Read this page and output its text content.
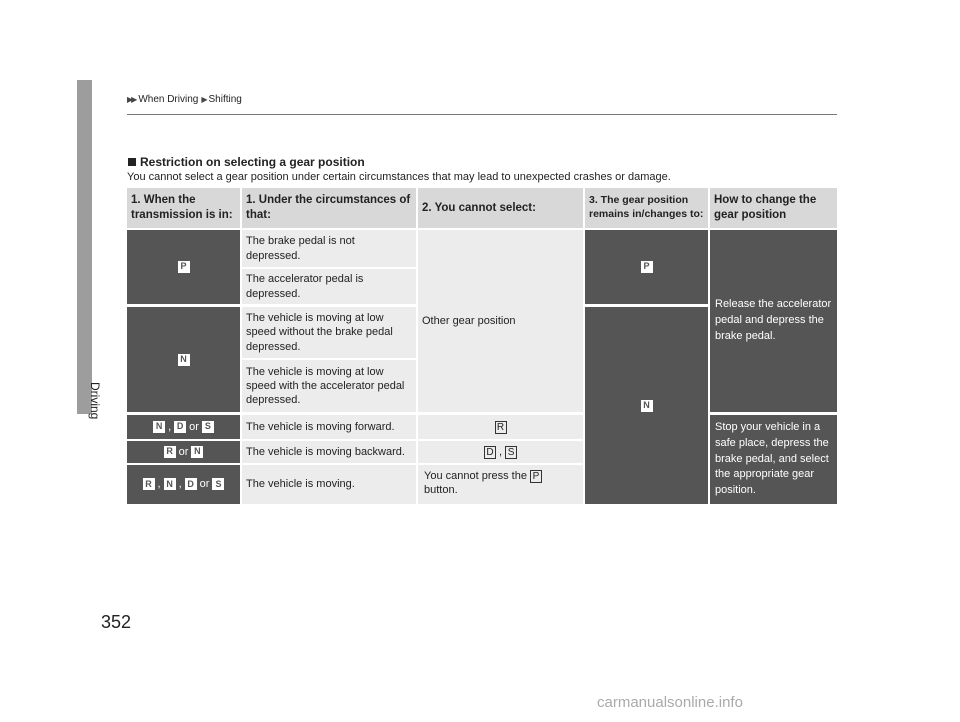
▶▶ When Driving ▶ Shifting
Driving
352
Restriction on selecting a gear position
You cannot select a gear position under certain circumstances that may lead to unexpected crashes or damage.
1. When the transmission is in:
1. Under the circumstances of that:
2. You cannot select:
3. The gear position remains in/changes to:
How to change the gear position
P
N
N , D or S
R or N
R , N , D or S
The brake pedal is not depressed.
The accelerator pedal is depressed.
The vehicle is moving at low speed without the brake pedal depressed.
The vehicle is moving at low speed with the accelerator pedal depressed.
The vehicle is moving forward.
The vehicle is moving backward.
The vehicle is moving.
Other gear position
R
D , S
You cannot press the P
button.
P
N
Release the accelerator pedal and depress the brake pedal.
Stop your vehicle in a safe place, depress the brake pedal, and select the appropriate gear position.
carmanualsonline.info
